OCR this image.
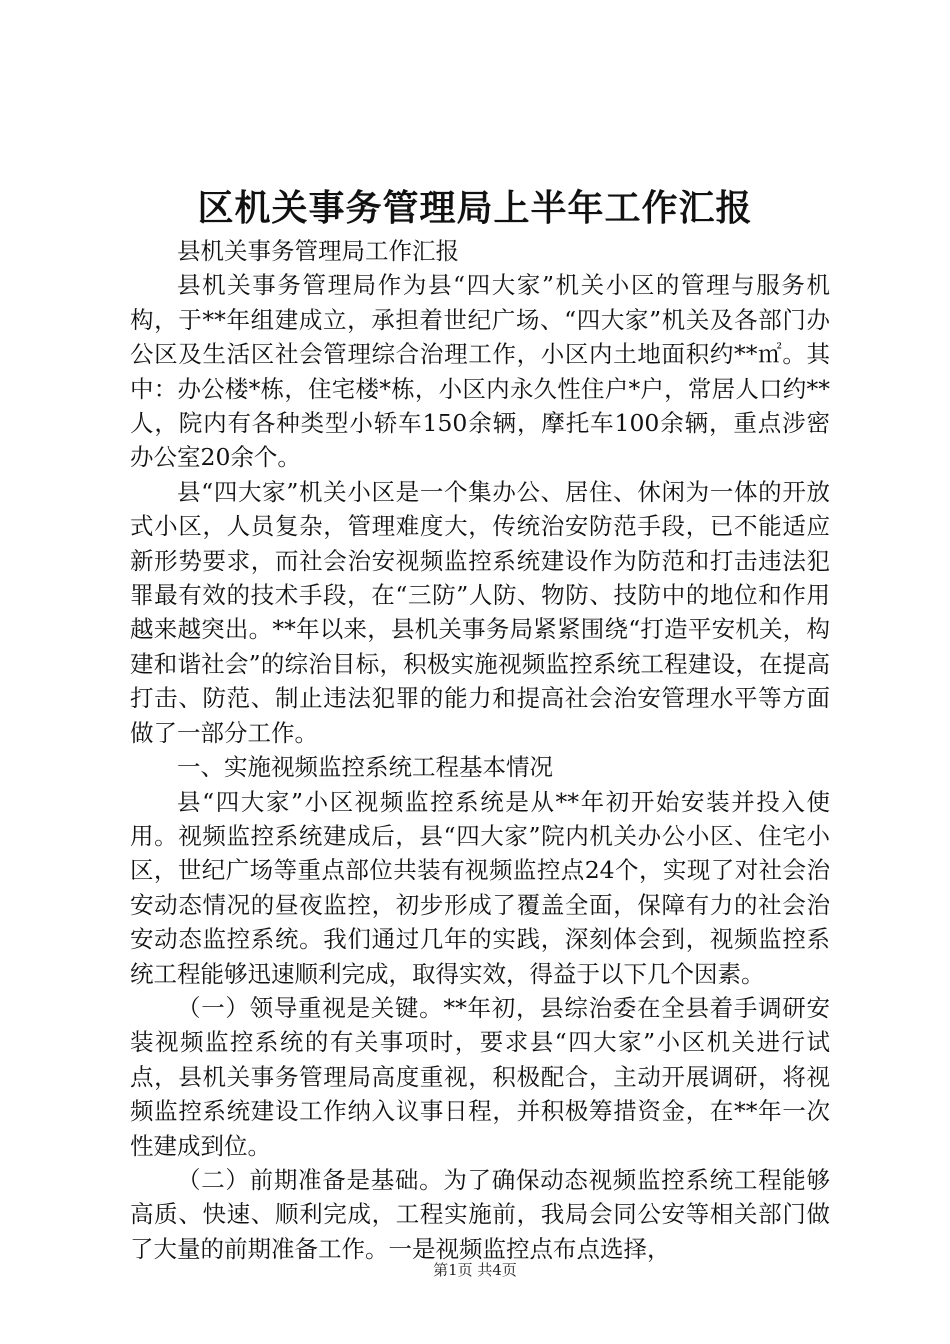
区机关事务管理局上半年工作汇报

县机关事务管理局工作汇报

县机关事务管理局作为县“四大家”机关小区的管理与服务机构，于**年组建成立，承担着世纪广场、“四大家”机关及各部门办公区及生活区社会管理综合治理工作，小区内土地面积约**㎡。其中：办公楼*栋，住宅楼*栋，小区内永久性住户*户，常居人口约**人，院内有各种类型小轿车150余辆，摩托车100余辆，重点涉密办公室20余个。

县“四大家”机关小区是一个集办公、居住、休闲为一体的开放式小区，人员复杂，管理难度大，传统治安防范手段，已不能适应新形势要求，而社会治安视频监控系统建设作为防范和打击违法犯罪最有效的技术手段，在“三防”人防、物防、技防中的地位和作用越来越突出。**年以来，县机关事务局紧紧围绕“打造平安机关，构建和谐社会”的综治目标，积极实施视频监控系统工程建设，在提高打击、防范、制止违法犯罪的能力和提高社会治安管理水平等方面做了一部分工作。

一、实施视频监控系统工程基本情况

县“四大家”小区视频监控系统是从**年初开始安装并投入使用。视频监控系统建成后，县“四大家”院内机关办公小区、住宅小区，世纪广场等重点部位共装有视频监控点24个，实现了对社会治安动态情况的昼夜监控，初步形成了覆盖全面，保障有力的社会治安动态监控系统。我们通过几年的实践，深刻体会到，视频监控系统工程能够迅速顺利完成，取得实效，得益于以下几个因素。

（一）领导重视是关键。**年初，县综治委在全县着手调研安装视频监控系统的有关事项时，要求县“四大家”小区机关进行试点，县机关事务管理局高度重视，积极配合，主动开展调研，将视频监控系统建设工作纳入议事日程，并积极筹措资金，在**年一次性建成到位。

（二）前期准备是基础。为了确保动态视频监控系统工程能够高质、快速、顺利完成，工程实施前，我局会同公安等相关部门做了大量的前期准备工作。一是视频监控点布点选择，

第1页 共4页
